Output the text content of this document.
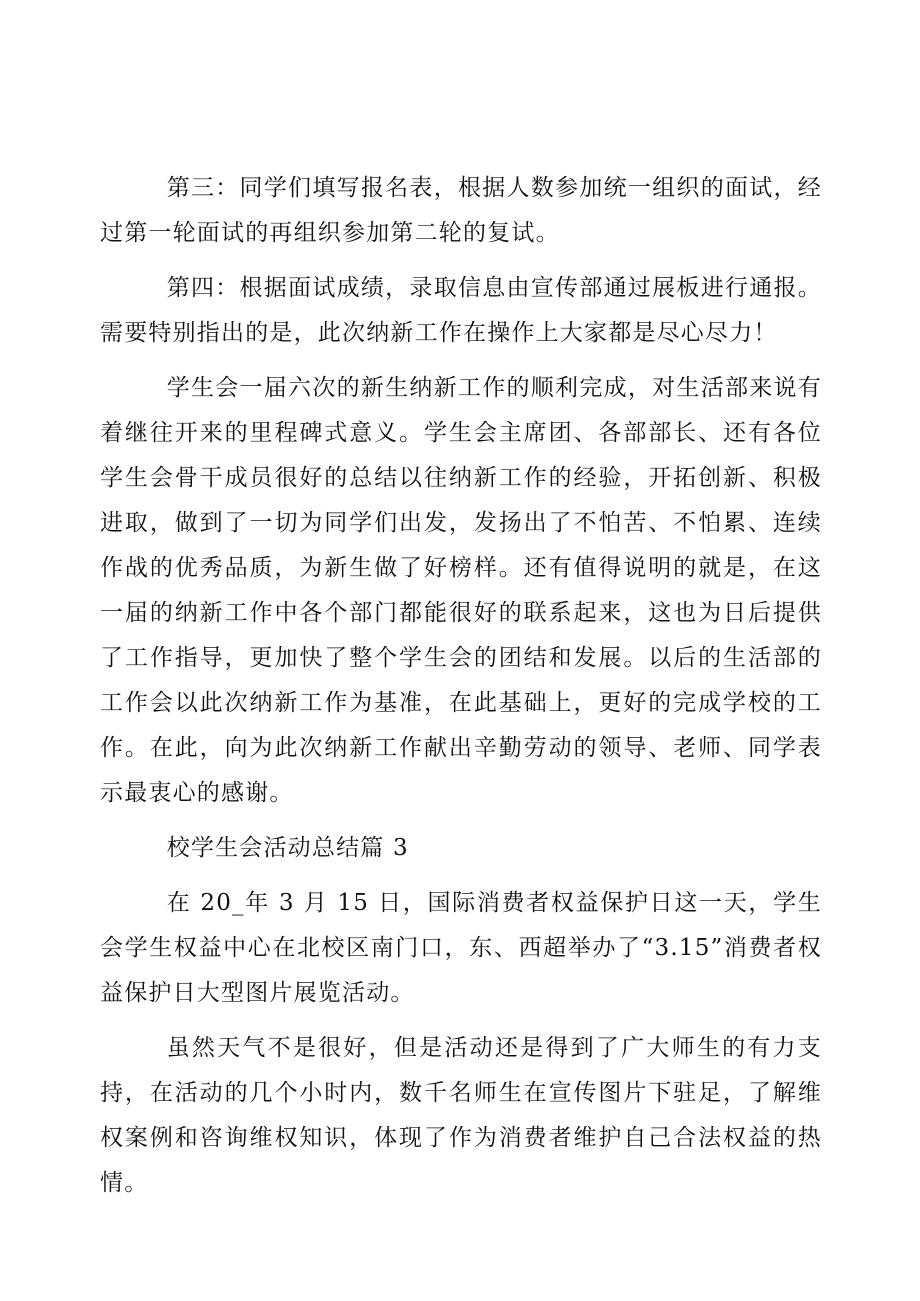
第三：同学们填写报名表，根据人数参加统一组织的面试，经过第一轮面试的再组织参加第二轮的复试。

第四：根据面试成绩，录取信息由宣传部通过展板进行通报。需要特别指出的是，此次纳新工作在操作上大家都是尽心尽力！

学生会一届六次的新生纳新工作的顺利完成，对生活部来说有着继往开来的里程碑式意义。学生会主席团、各部部长、还有各位学生会骨干成员很好的总结以往纳新工作的经验，开拓创新、积极进取，做到了一切为同学们出发，发扬出了不怕苦、不怕累、连续作战的优秀品质，为新生做了好榜样。还有值得说明的就是，在这一届的纳新工作中各个部门都能很好的联系起来，这也为日后提供了工作指导，更加快了整个学生会的团结和发展。以后的生活部的工作会以此次纳新工作为基准，在此基础上，更好的完成学校的工作。在此，向为此次纳新工作献出辛勤劳动的领导、老师、同学表示最衷心的感谢。

校学生会活动总结篇 3

在 20_年 3 月 15 日，国际消费者权益保护日这一天，学生会学生权益中心在北校区南门口，东、西超举办了“3.15”消费者权益保护日大型图片展览活动。

虽然天气不是很好，但是活动还是得到了广大师生的有力支持，在活动的几个小时内，数千名师生在宣传图片下驻足，了解维权案例和咨询维权知识，体现了作为消费者维护自己合法权益的热情。
